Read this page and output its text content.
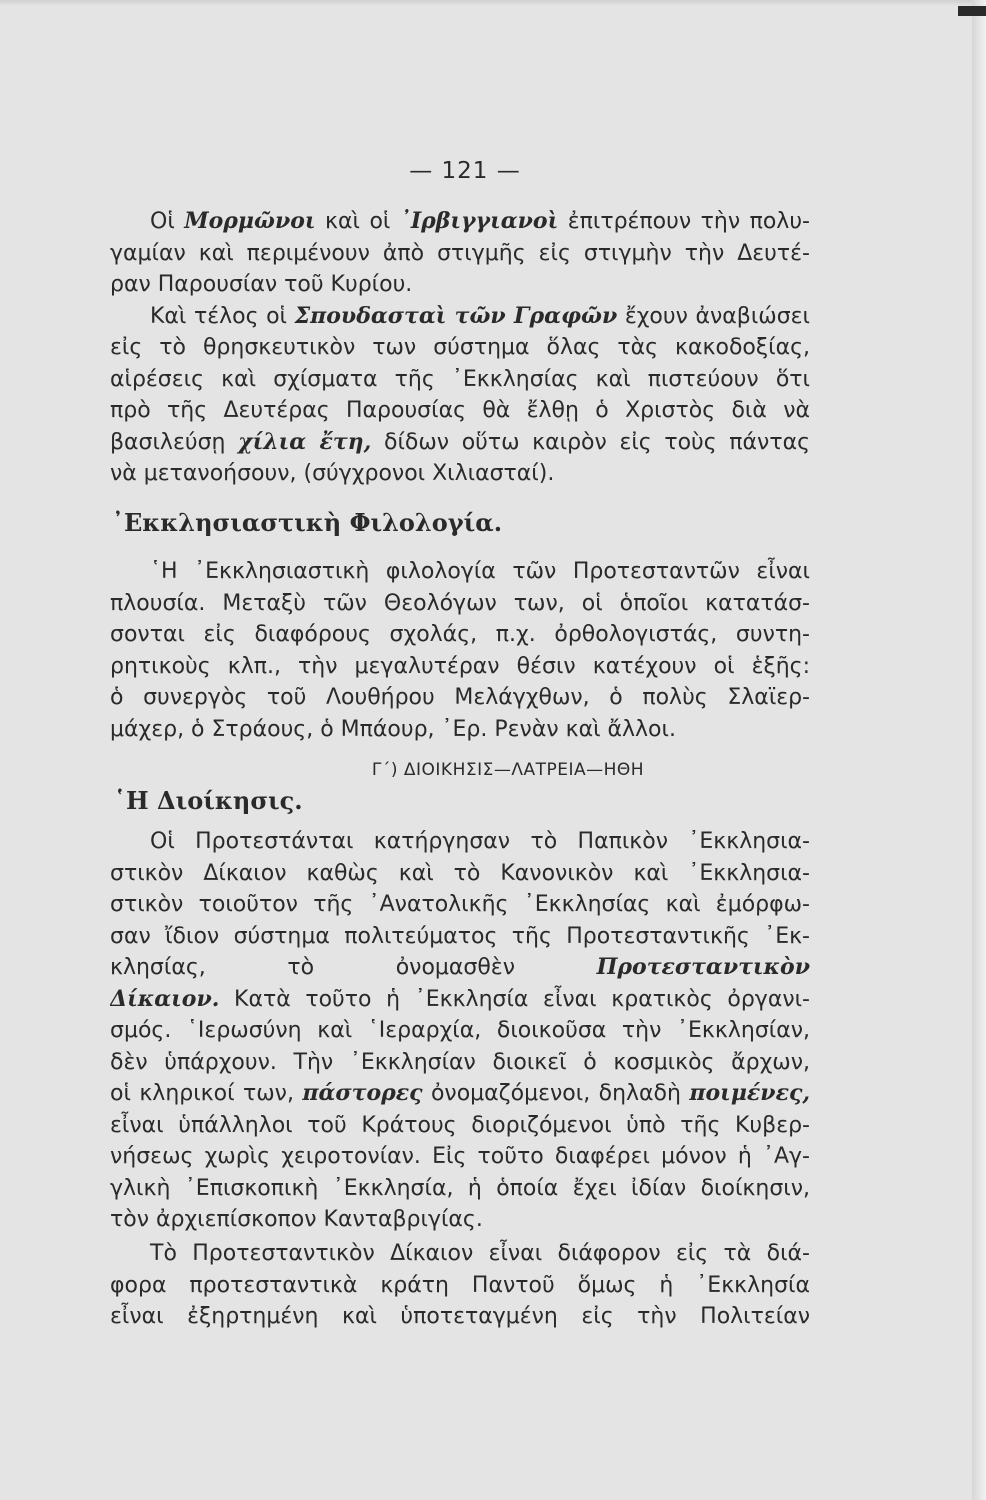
— 121 —
Οἱ Μορμῶνοι καὶ οἱ ᾿Ιρβιγγιανοὶ ἐπιτρέπουν τὴν πολυ-
γαμίαν καὶ περιμένουν ἀπὸ στιγμῆς εἰς στιγμὴν τὴν Δευτέ-
ραν Παρουσίαν τοῦ Κυρίου.
Καὶ τέλος οἱ Σπουδασταὶ τῶν Γραφῶν ἔχουν ἀναβιώσει
εἰς τὸ θρησκευτικὸν των σύστημα ὅλας τὰς κακοδοξίας,
αἱρέσεις καὶ σχίσματα τῆς ᾿Εκκλησίας καὶ πιστεύουν ὅτι
πρὸ τῆς Δευτέρας Παρουσίας θὰ ἔλθῃ ὁ Χριστὸς διὰ νὰ
βασιλεύσῃ χίλια ἔτη, δίδων οὕτω καιρὸν εἰς τοὺς πάντας
νὰ μετανοήσουν, (σύγχρονοι Χιλιασταί).
᾿Εκκλησιαστικὴ Φιλολογία.
῾Η ᾿Εκκλησιαστικὴ φιλολογία τῶν Προτεσταντῶν εἶναι
πλουσία. Μεταξὺ τῶν Θεολόγων των, οἱ ὁποῖοι κατατάσ-
σονται εἰς διαφόρους σχολάς, π.χ. ὀρθολογιστάς, συντη-
ρητικοὺς κλπ., τὴν μεγαλυτέραν θέσιν κατέχουν οἱ ἑξῆς:
ὁ συνεργὸς τοῦ Λουθήρου Μελάγχθων, ὁ πολὺς Σλαϊερ-
μάχερ, ὁ Στράους, ὁ Μπάουρ, ᾿Ερ. Ρενὰν καὶ ἄλλοι.
Γ΄) ΔΙΟΙΚΗΣΙΣ—ΛΑΤΡΕΙΑ—ΗΘΗ
῾Η Διοίκησις.
Οἱ Προτεστάνται κατήργησαν τὸ Παπικὸν ᾿Εκκλησια-
στικὸν Δίκαιον καθὼς καὶ τὸ Κανονικὸν καὶ ᾿Εκκλησια-
στικὸν τοιοῦτον τῆς ᾿Ανατολικῆς ᾿Εκκλησίας καὶ ἐμόρφω-
σαν ἴδιον σύστημα πολιτεύματος τῆς Προτεσταντικῆς ᾿Εκ-
κλησίας, τὸ ὀνομασθὲν Προτεσταντικὸν
Δίκαιον. Κατὰ τοῦτο ἡ ᾿Εκκλησία εἶναι κρατικὸς ὀργανι-
σμός. ῾Ιερωσύνη καὶ ῾Ιεραρχία, διοικοῦσα τὴν ᾿Εκκλησίαν,
δὲν ὑπάρχουν. Τὴν ᾿Εκκλησίαν διοικεῖ ὁ κοσμικὸς ἄρχων,
οἱ κληρικοί των, πάστορες ὀνομαζόμενοι, δηλαδὴ ποιμένες,
εἶναι ὑπάλληλοι τοῦ Κράτους διοριζόμενοι ὑπὸ τῆς Κυβερ-
νήσεως χωρὶς χειροτονίαν. Εἰς τοῦτο διαφέρει μόνον ἡ ᾿Αγ-
γλικὴ ᾿Επισκοπικὴ ᾿Εκκλησία, ἡ ὁποία ἔχει ἰδίαν διοίκησιν,
τὸν ἀρχιεπίσκοπον Κανταβριγίας.
Τὸ Προτεσταντικὸν Δίκαιον εἶναι διάφορον εἰς τὰ διά-
φορα προτεσταντικὰ κράτη Παντοῦ ὅμως ἡ ᾿Εκκλησία
εἶναι ἐξηρτημένη καὶ ὑποτεταγμένη εἰς τὴν Πολιτείαν
